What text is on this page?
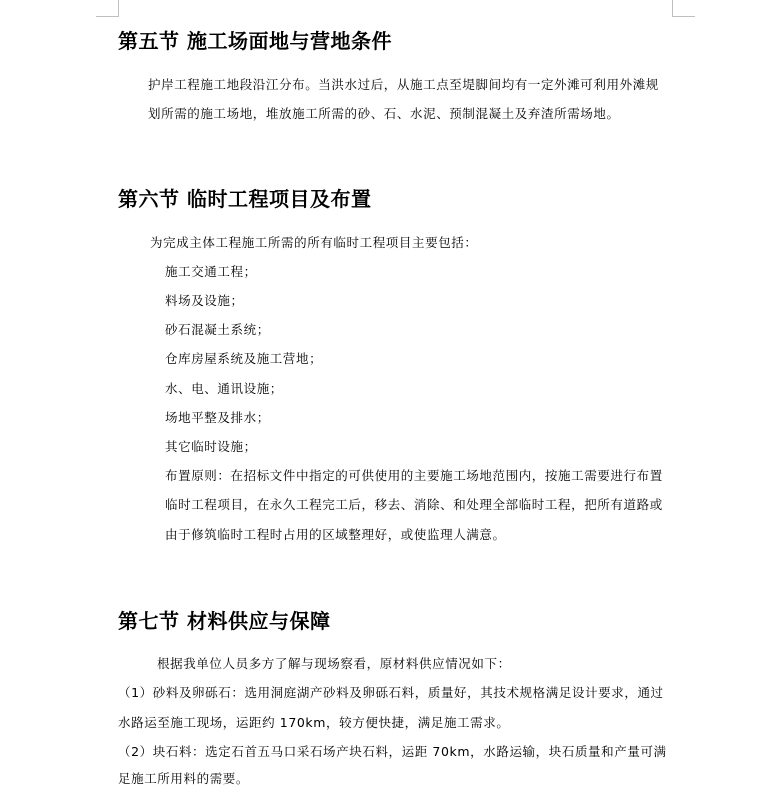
第五节 施工场面地与营地条件
护岸工程施工地段沿江分布。当洪水过后，从施工点至堤脚间均有一定外滩可利用外滩规
划所需的施工场地，堆放施工所需的砂、石、水泥、预制混凝土及弃渣所需场地。
第六节 临时工程项目及布置
为完成主体工程施工所需的所有临时工程项目主要包括：
施工交通工程；
料场及设施；
砂石混凝土系统；
仓库房屋系统及施工营地；
水、电、通讯设施；
场地平整及排水；
其它临时设施；
布置原则：在招标文件中指定的可供使用的主要施工场地范围内，按施工需要进行布置
临时工程项目，在永久工程完工后，移去、消除、和处理全部临时工程，把所有道路或
由于修筑临时工程时占用的区域整理好，或使监理人满意。
第七节 材料供应与保障
根据我单位人员多方了解与现场察看，原材料供应情况如下：
（1）砂料及卵砾石：选用洞庭湖产砂料及卵砾石料，质量好，其技术规格满足设计要求，通过
水路运至施工现场，运距约 170km，较方便快捷，满足施工需求。
（2）块石料：选定石首五马口采石场产块石料，运距 70km，水路运输，块石质量和产量可满
足施工所用料的需要。
